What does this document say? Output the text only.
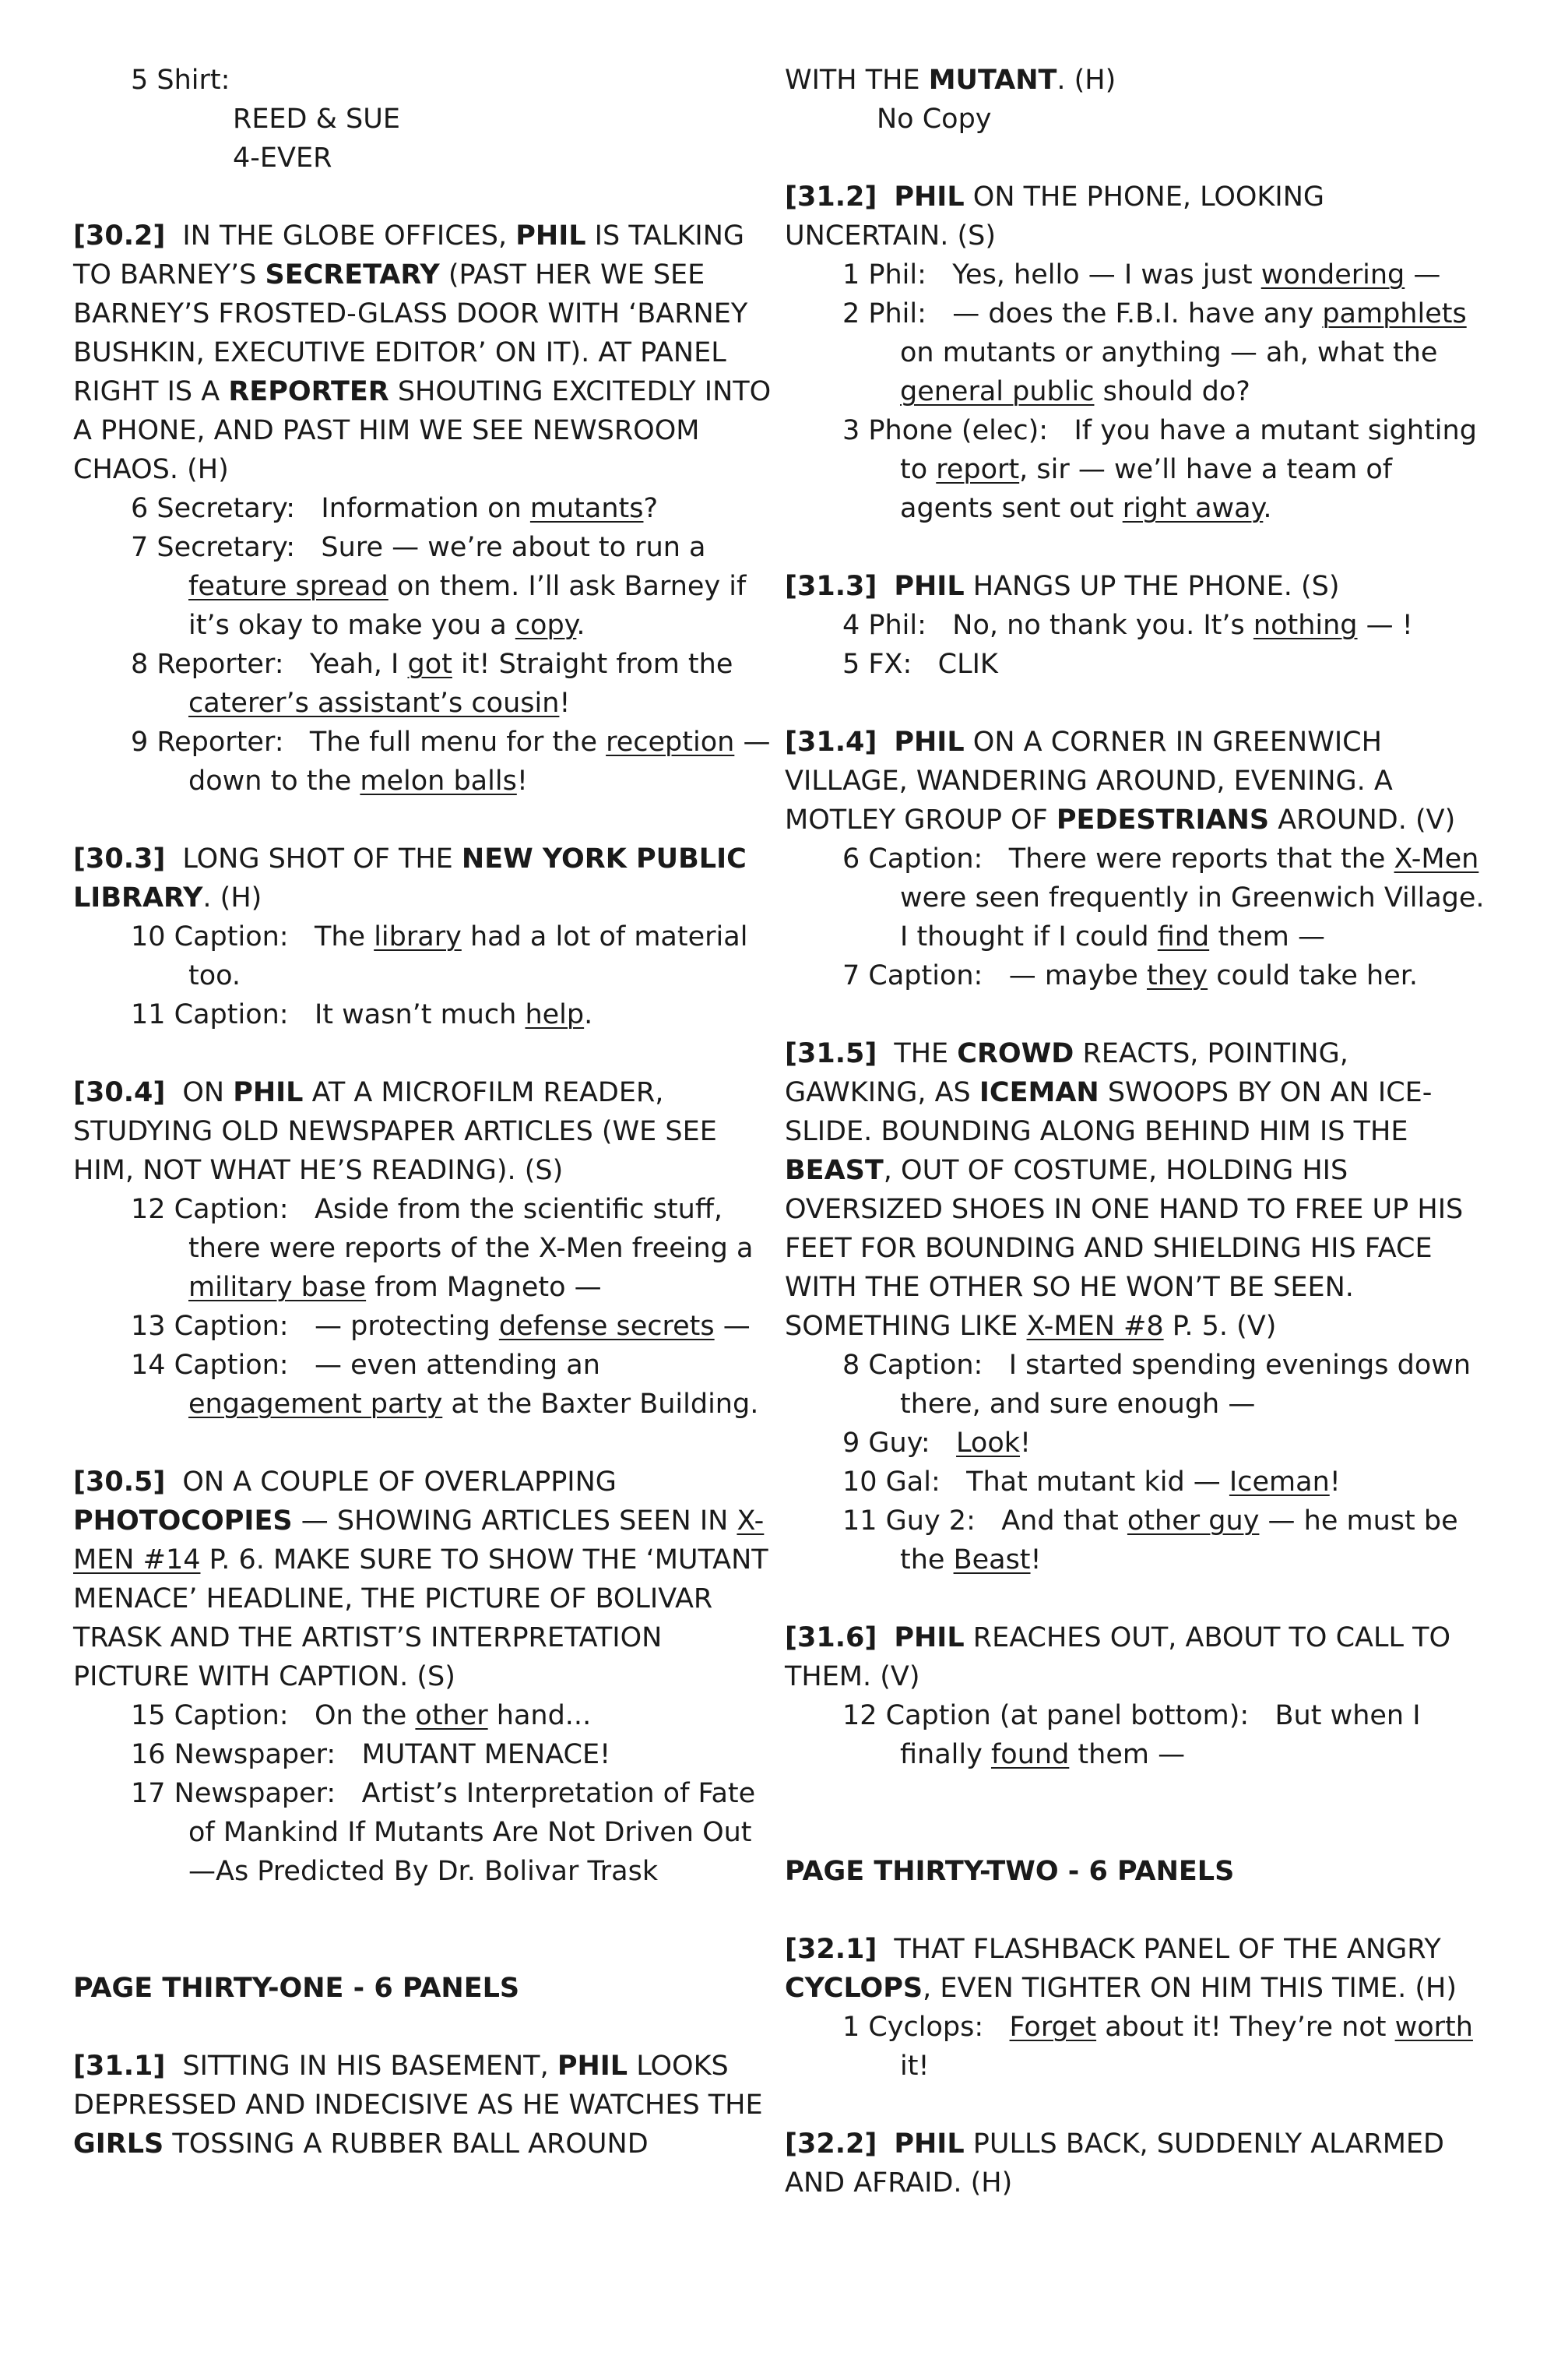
5 Shirt:
REED & SUE
4-EVER

[30.2] IN THE GLOBE OFFICES, PHIL IS TALKING TO BARNEY’S SECRETARY (PAST HER WE SEE BARNEY’S FROSTED-GLASS DOOR WITH ‘BARNEY BUSHKIN, EXECUTIVE EDITOR’ ON IT). AT PANEL RIGHT IS A REPORTER SHOUTING EXCITEDLY INTO A PHONE, AND PAST HIM WE SEE NEWSROOM CHAOS. (H)

6 Secretary:   Information on mutants?

7 Secretary:   Sure — we’re about to run a feature spread on them. I’ll ask Barney if it’s okay to make you a copy.

8 Reporter:   Yeah, I got it! Straight from the caterer’s assistant’s cousin!

9 Reporter:   The full menu for the reception — down to the melon balls!

[30.3] LONG SHOT OF THE NEW YORK PUBLIC LIBRARY. (H)

10 Caption:   The library had a lot of material too.

11 Caption:   It wasn’t much help.

[30.4] ON PHIL AT A MICROFILM READER, STUDYING OLD NEWSPAPER ARTICLES (WE SEE HIM, NOT WHAT HE’S READING). (S)

12 Caption:   Aside from the scientific stuff, there were reports of the X-Men freeing a military base from Magneto —

13 Caption:   — protecting defense secrets —

14 Caption:   — even attending an engagement party at the Baxter Building.

[30.5] ON A COUPLE OF OVERLAPPING PHOTOCOPIES — SHOWING ARTICLES SEEN IN X-MEN #14 P. 6. MAKE SURE TO SHOW THE ‘MUTANT MENACE’ HEADLINE, THE PICTURE OF BOLIVAR TRASK AND THE ARTIST’S INTERPRETATION PICTURE WITH CAPTION. (S)

15 Caption:   On the other hand...

16 Newspaper:   MUTANT MENACE!

17 Newspaper:   Artist’s Interpretation of Fate of Mankind If Mutants Are Not Driven Out —As Predicted By Dr. Bolivar Trask

PAGE THIRTY-ONE - 6 PANELS

[31.1] SITTING IN HIS BASEMENT, PHIL LOOKS DEPRESSED AND INDECISIVE AS HE WATCHES THE GIRLS TOSSING A RUBBER BALL AROUND

WITH THE MUTANT. (H)

No Copy

[31.2] PHIL ON THE PHONE, LOOKING UNCERTAIN. (S)

1 Phil:   Yes, hello — I was just wondering —

2 Phil:   — does the F.B.I. have any pamphlets on mutants or anything — ah, what the general public should do?

3 Phone (elec):   If you have a mutant sighting to report, sir — we’ll have a team of agents sent out right away.

[31.3] PHIL HANGS UP THE PHONE. (S)

4 Phil:   No, no thank you. It’s nothing — !

5 FX:   CLIK

[31.4] PHIL ON A CORNER IN GREENWICH VILLAGE, WANDERING AROUND, EVENING. A MOTLEY GROUP OF PEDESTRIANS AROUND. (V)

6 Caption:   There were reports that the X-Men were seen frequently in Greenwich Village. I thought if I could find them —

7 Caption:   — maybe they could take her.

[31.5] THE CROWD REACTS, POINTING, GAWKING, AS ICEMAN SWOOPS BY ON AN ICE-SLIDE. BOUNDING ALONG BEHIND HIM IS THE BEAST, OUT OF COSTUME, HOLDING HIS OVERSIZED SHOES IN ONE HAND TO FREE UP HIS FEET FOR BOUNDING AND SHIELDING HIS FACE WITH THE OTHER SO HE WON’T BE SEEN. SOMETHING LIKE X-MEN #8 P. 5. (V)

8 Caption:   I started spending evenings down there, and sure enough —

9 Guy:   Look!

10 Gal:   That mutant kid — Iceman!

11 Guy 2:   And that other guy — he must be the Beast!

[31.6] PHIL REACHES OUT, ABOUT TO CALL TO THEM. (V)

12 Caption (at panel bottom):   But when I finally found them —

PAGE THIRTY-TWO - 6 PANELS

[32.1] THAT FLASHBACK PANEL OF THE ANGRY CYCLOPS, EVEN TIGHTER ON HIM THIS TIME. (H)

1 Cyclops:   Forget about it! They’re not worth it!

[32.2] PHIL PULLS BACK, SUDDENLY ALARMED AND AFRAID. (H)
